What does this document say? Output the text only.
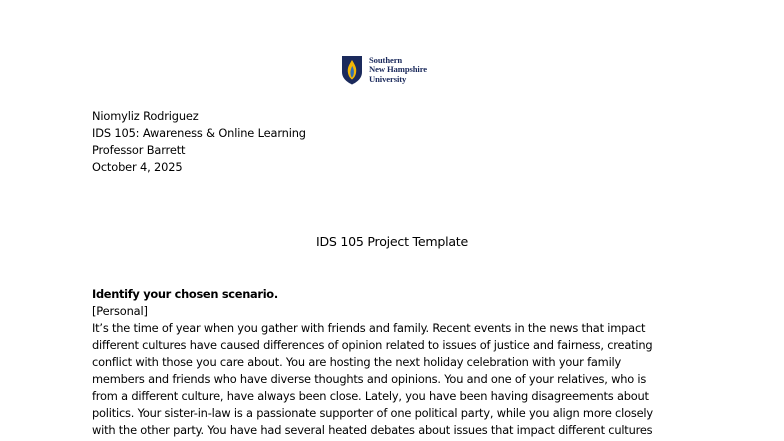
Southern
New Hampshire
University
Niomyliz Rodriguez
IDS 105: Awareness & Online Learning
Professor Barrett
October 4, 2025
IDS 105 Project Template
Identify your chosen scenario.
[Personal]
It’s the time of year when you gather with friends and family. Recent events in the news that impact
different cultures have caused differences of opinion related to issues of justice and fairness, creating
conflict with those you care about. You are hosting the next holiday celebration with your family
members and friends who have diverse thoughts and opinions. You and one of your relatives, who is
from a different culture, have always been close. Lately, you have been having disagreements about
politics. Your sister-in-law is a passionate supporter of one political party, while you align more closely
with the other party. You have had several heated debates about issues that impact different cultures
